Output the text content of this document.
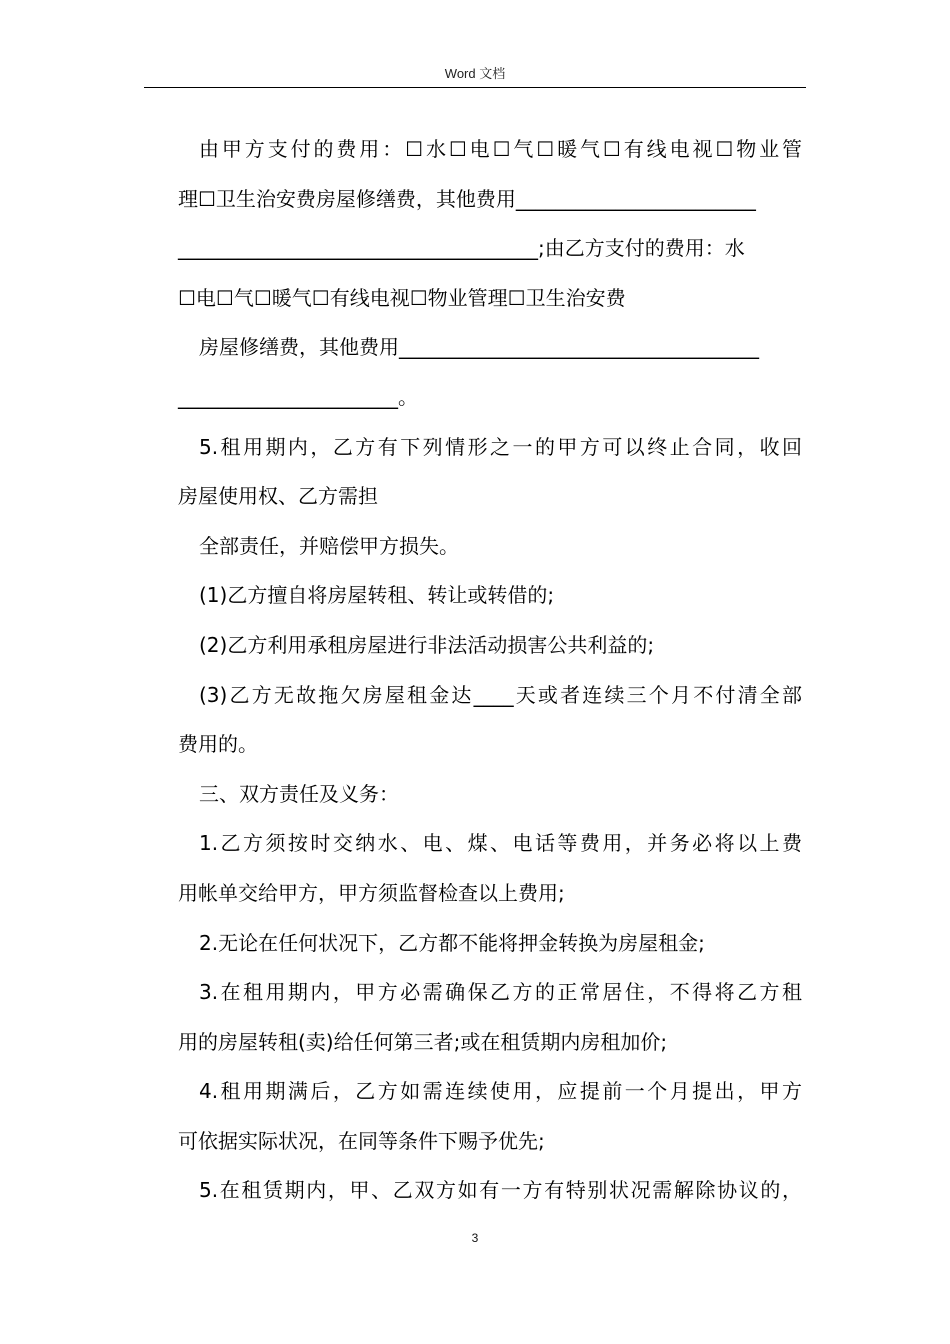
Word 文档
由甲方支付的费用：☐水☐电☐气☐暖气☐有线电视☐物业管
理☐卫生治安费房屋修缮费，其他费用________________________
____________________________________;由乙方支付的费用：水
☐电☐气☐暖气☐有线电视☐物业管理☐卫生治安费
房屋修缮费，其他费用____________________________________
______________________。
5.租用期内，乙方有下列情形之一的甲方可以终止合同，收回
房屋使用权、乙方需担
全部责任，并赔偿甲方损失。
(1)乙方擅自将房屋转租、转让或转借的;
(2)乙方利用承租房屋进行非法活动损害公共利益的;
(3)乙方无故拖欠房屋租金达____天或者连续三个月不付清全部
费用的。
三、双方责任及义务：
1.乙方须按时交纳水、电、煤、电话等费用，并务必将以上费
用帐单交给甲方，甲方须监督检查以上费用;
2.无论在任何状况下，乙方都不能将押金转换为房屋租金;
3.在租用期内，甲方必需确保乙方的正常居住，不得将乙方租
用的房屋转租(卖)给任何第三者;或在租赁期内房租加价;
4.租用期满后，乙方如需连续使用，应提前一个月提出，甲方
可依据实际状况，在同等条件下赐予优先;
5.在租赁期内，甲、乙双方如有一方有特别状况需解除协议的，
3
